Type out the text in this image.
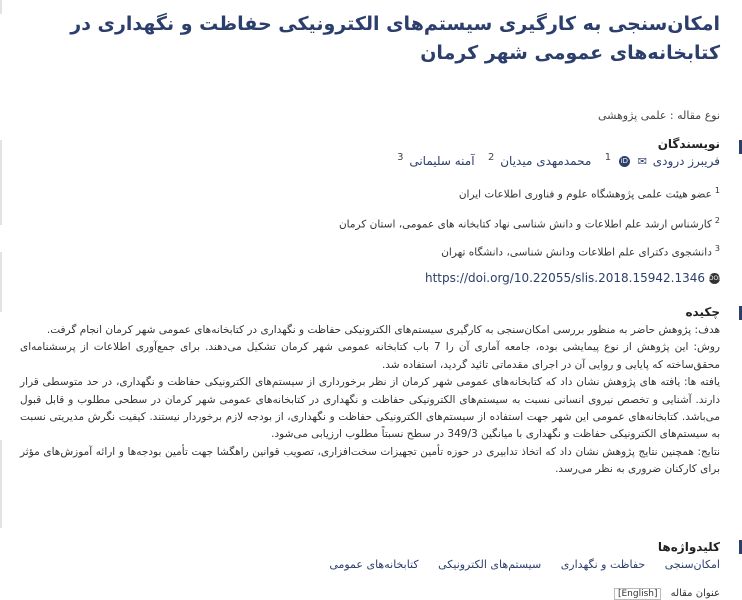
امکان‌سنجی به کارگیری سیستم‌های الکترونیکی حفاظت و نگهداری در کتابخانه‌های عمومی شهر کرمان
نوع مقاله : علمی پژوهشی
نویسندگان
فریبرز درودی ✉ iD $^1$   محمدمهدی میدیان $^2$   آمنه سلیمانی $^3$
$^1$عضو هیئت علمی پژوهشگاه علوم و فناوری اطلاعات ایران
$^2$کارشناس ارشد علم اطلاعات و دانش شناسی نهاد کتابخانه های عمومی، استان کرمان
$^3$دانشجوی دکترای علم اطلاعات ودانش شناسی، دانشگاه تهران
DOIhttps://doi.org/10.22055/slis.2018.15942.1346
چکیده

هدف: پژوهش حاضر به منظور بررسی امکان‌سنجی به کارگیری سیستم‌های الکترونیکی حفاظت و نگهداری در کتابخانه‌های عمومی شهر کرمان انجام گرفت.

روش: این پژوهش از نوع پیمایشی بوده، جامعه آماری آن را 7 باب کتابخانه عمومی شهر کرمان تشکیل می‌دهند. برای جمع‌آوری اطلاعات از پرسشنامه‌ای محقق‌ساخته که پایایی و روایی آن در اجرای مقدماتی تائید گردید، استفاده شد.

یافته ها: یافته های پژوهش نشان داد که کتابخانه‌های عمومی شهر کرمان از نظر برخورداری از سیستم‌های الکترونیکی حفاظت و نگهداری، در حد متوسطی قرار دارند. آشنایی و تخصص نیروی انسانی نسبت به سیستم‌های الکترونیکی حفاظت و نگهداری در کتابخانه‌های عمومی شهر کرمان در سطحی مطلوب و قابل قبول می‌باشد. کتابخانه‌های عمومی این شهر جهت استفاده از سیستم‌های الکترونیکی حفاظت و نگهداری، از بودجه لازم برخوردار نیستند. کیفیت نگرش مدیریتی نسبت به سیستم‌های الکترونیکی حفاظت و نگهداری با میانگین 349/3 در سطح نسبتاً مطلوب ارزیابی می‌شود.

نتایج: همچنین نتایج پژوهش نشان داد که اتخاذ تدابیری در حوزه تأمین تجهیزات سخت‌افزاری، تصویب قوانین راهگشا جهت تأمین بودجه‌ها و ارائه آموزش‌های مؤثر برای کارکنان ضروری به نظر می‌رسد.

کلیدواژه‌ها
امکان‌سنجی حفاظت و نگهداری سیستم‌های الکترونیکی کتابخانه‌های عمومی
عنوان مقاله [English]
